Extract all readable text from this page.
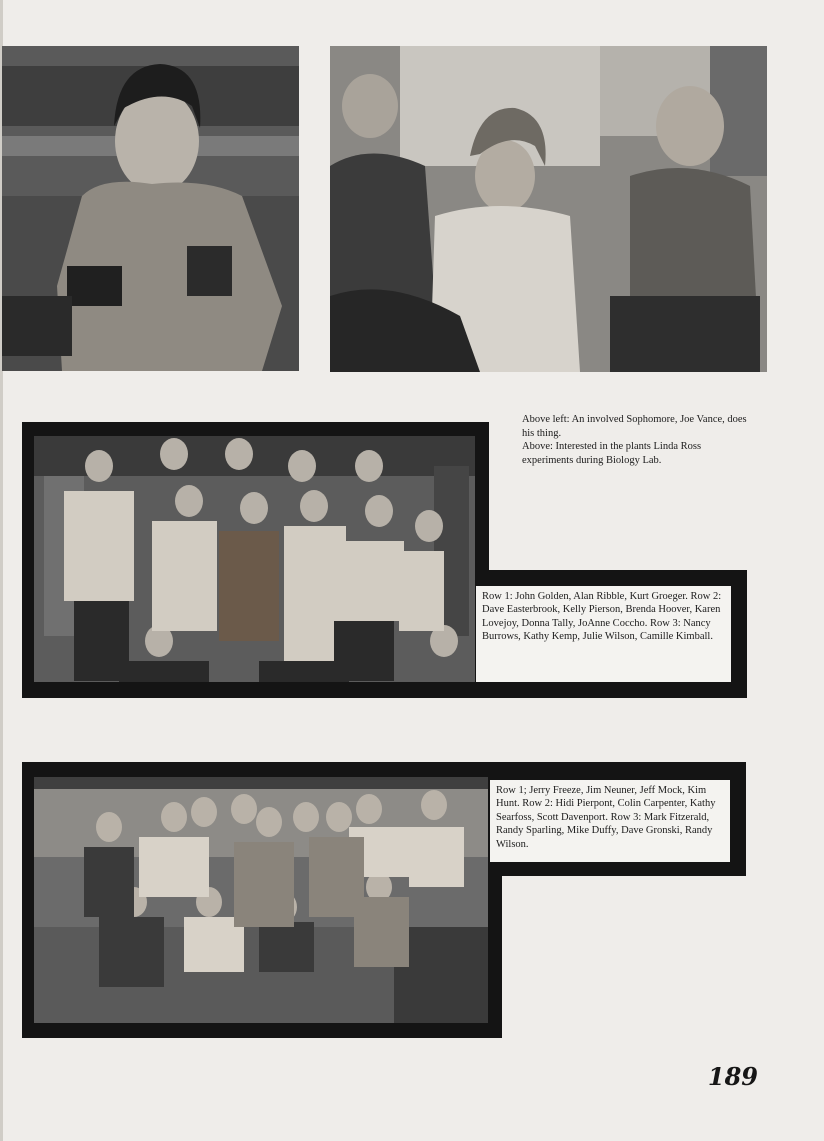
Above left: An involved Sophomore, Joe Vance, does his thing.
Above: Interested in the plants Linda Ross experiments during Biology Lab.
Row 1: John Golden, Alan Ribble, Kurt Groeger. Row 2: Dave Easterbrook, Kelly Pierson, Brenda Hoover, Karen Lovejoy, Donna Tally, JoAnne Coccho. Row 3: Nancy Burrows, Kathy Kemp, Julie Wilson, Camille Kimball.
Row 1; Jerry Freeze, Jim Neuner, Jeff Mock, Kim Hunt. Row 2: Hidi Pierpont, Colin Carpenter, Kathy Searfoss, Scott Davenport. Row 3: Mark Fitzerald, Randy Sparling, Mike Duffy, Dave Gronski, Randy Wilson.
189
